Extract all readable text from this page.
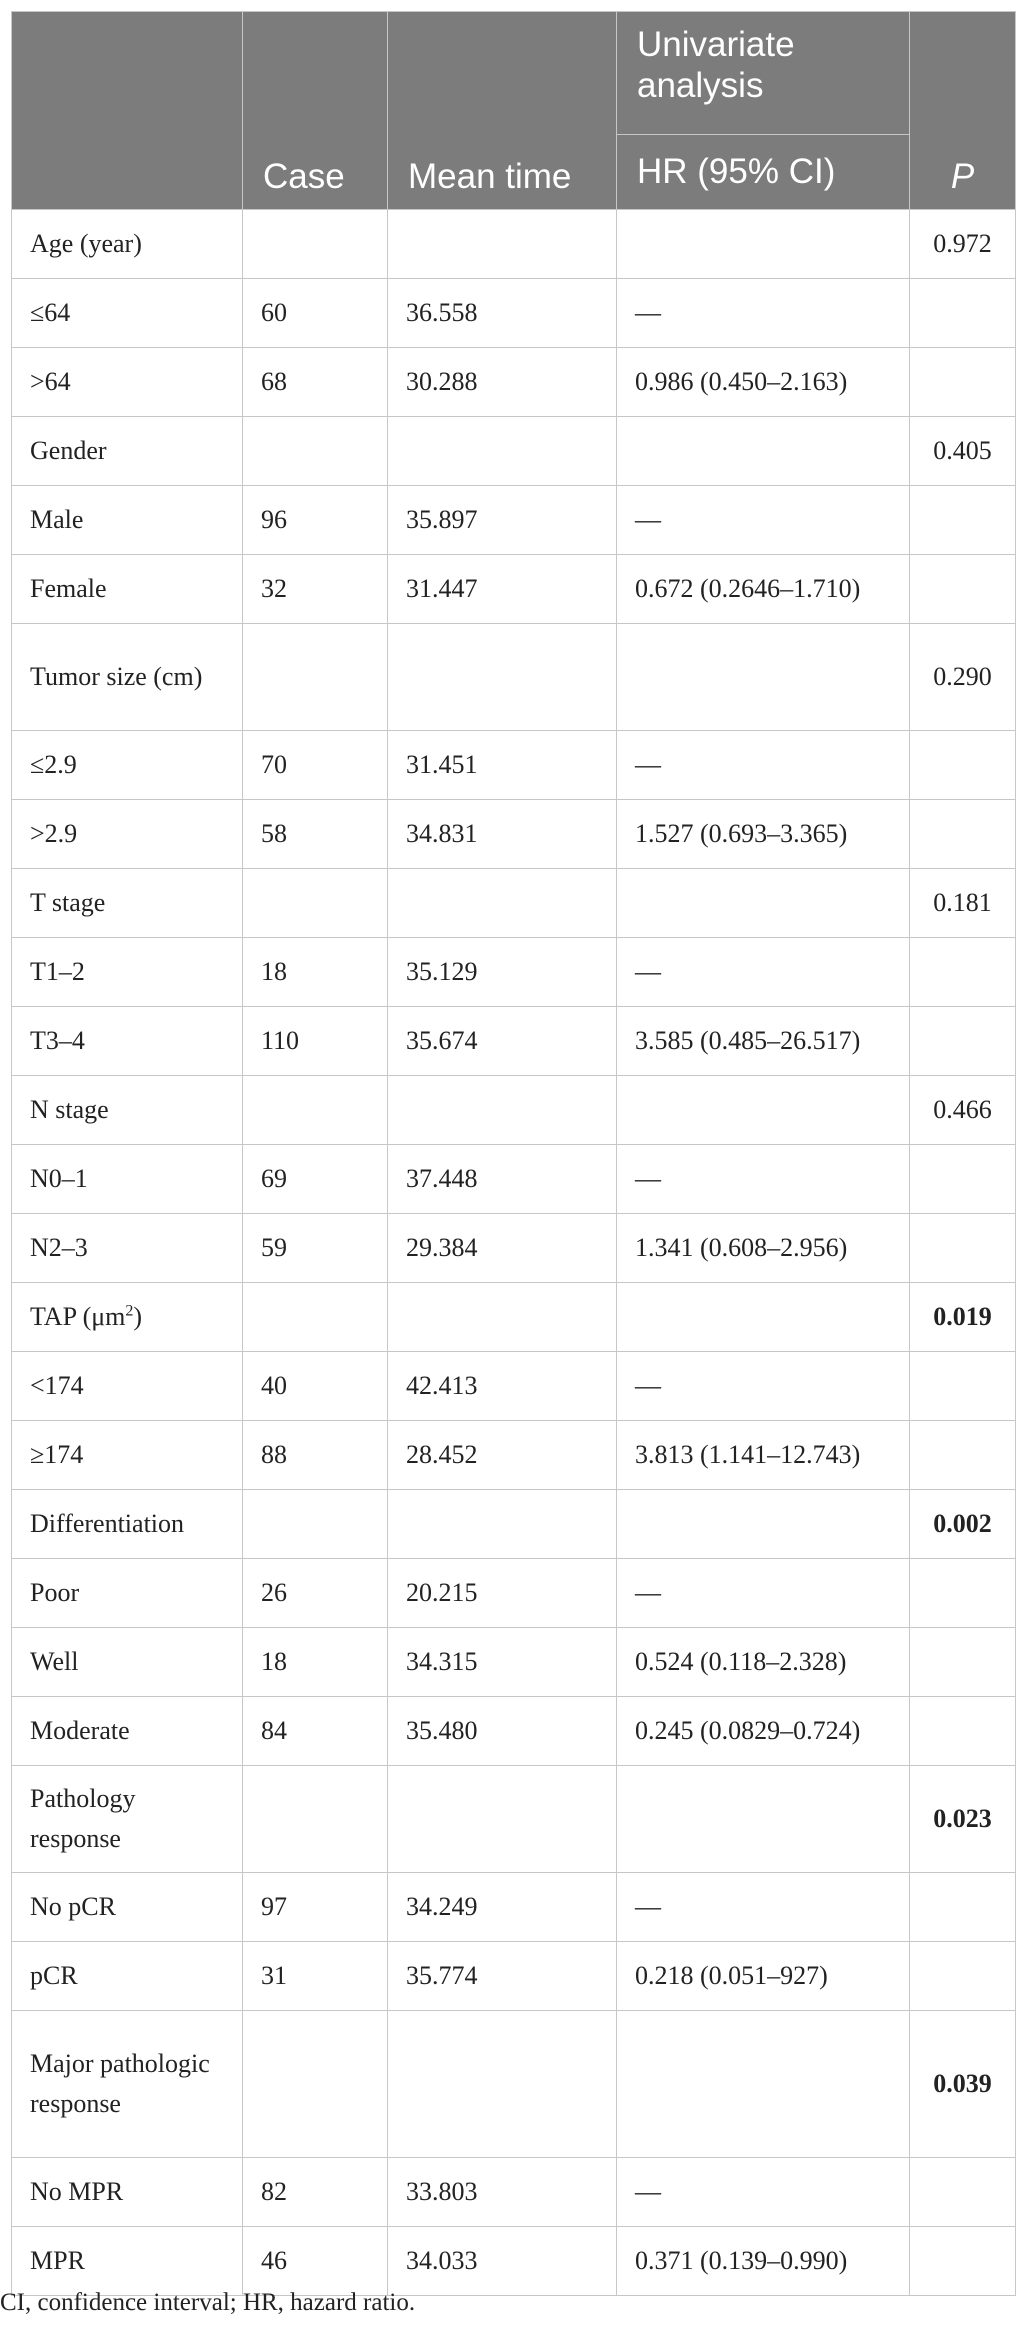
	Case	Mean time	Univariate analysis	P
			HR (95% CI)	
Age (year)				0.972
≤64	60	36.558	—	
>64	68	30.288	0.986 (0.450–2.163)	
Gender				0.405
Male	96	35.897	—	
Female	32	31.447	0.672 (0.2646–1.710)	
Tumor size (cm)				0.290
≤2.9	70	31.451	—	
>2.9	58	34.831	1.527 (0.693–3.365)	
T stage				0.181
T1–2	18	35.129	—	
T3–4	110	35.674	3.585 (0.485–26.517)	
N stage				0.466
N0–1	69	37.448	—	
N2–3	59	29.384	1.341 (0.608–2.956)	
TAP $(\mu m^2)$				0.019
<174	40	42.413	—	
≥174	88	28.452	3.813 (1.141–12.743)	
Differentiation				0.002
Poor	26	20.215	—	
Well	18	34.315	0.524 (0.118–2.328)	
Moderate	84	35.480	0.245 (0.0829–0.724)	
Pathology response				0.023
No pCR	97	34.249	—	
pCR	31	35.774	0.218 (0.051–927)	
Major pathologic response				0.039
No MPR	82	33.803	—	
MPR	46	34.033	0.371 (0.139–0.990)	
CI, confidence interval; HR, hazard ratio.
